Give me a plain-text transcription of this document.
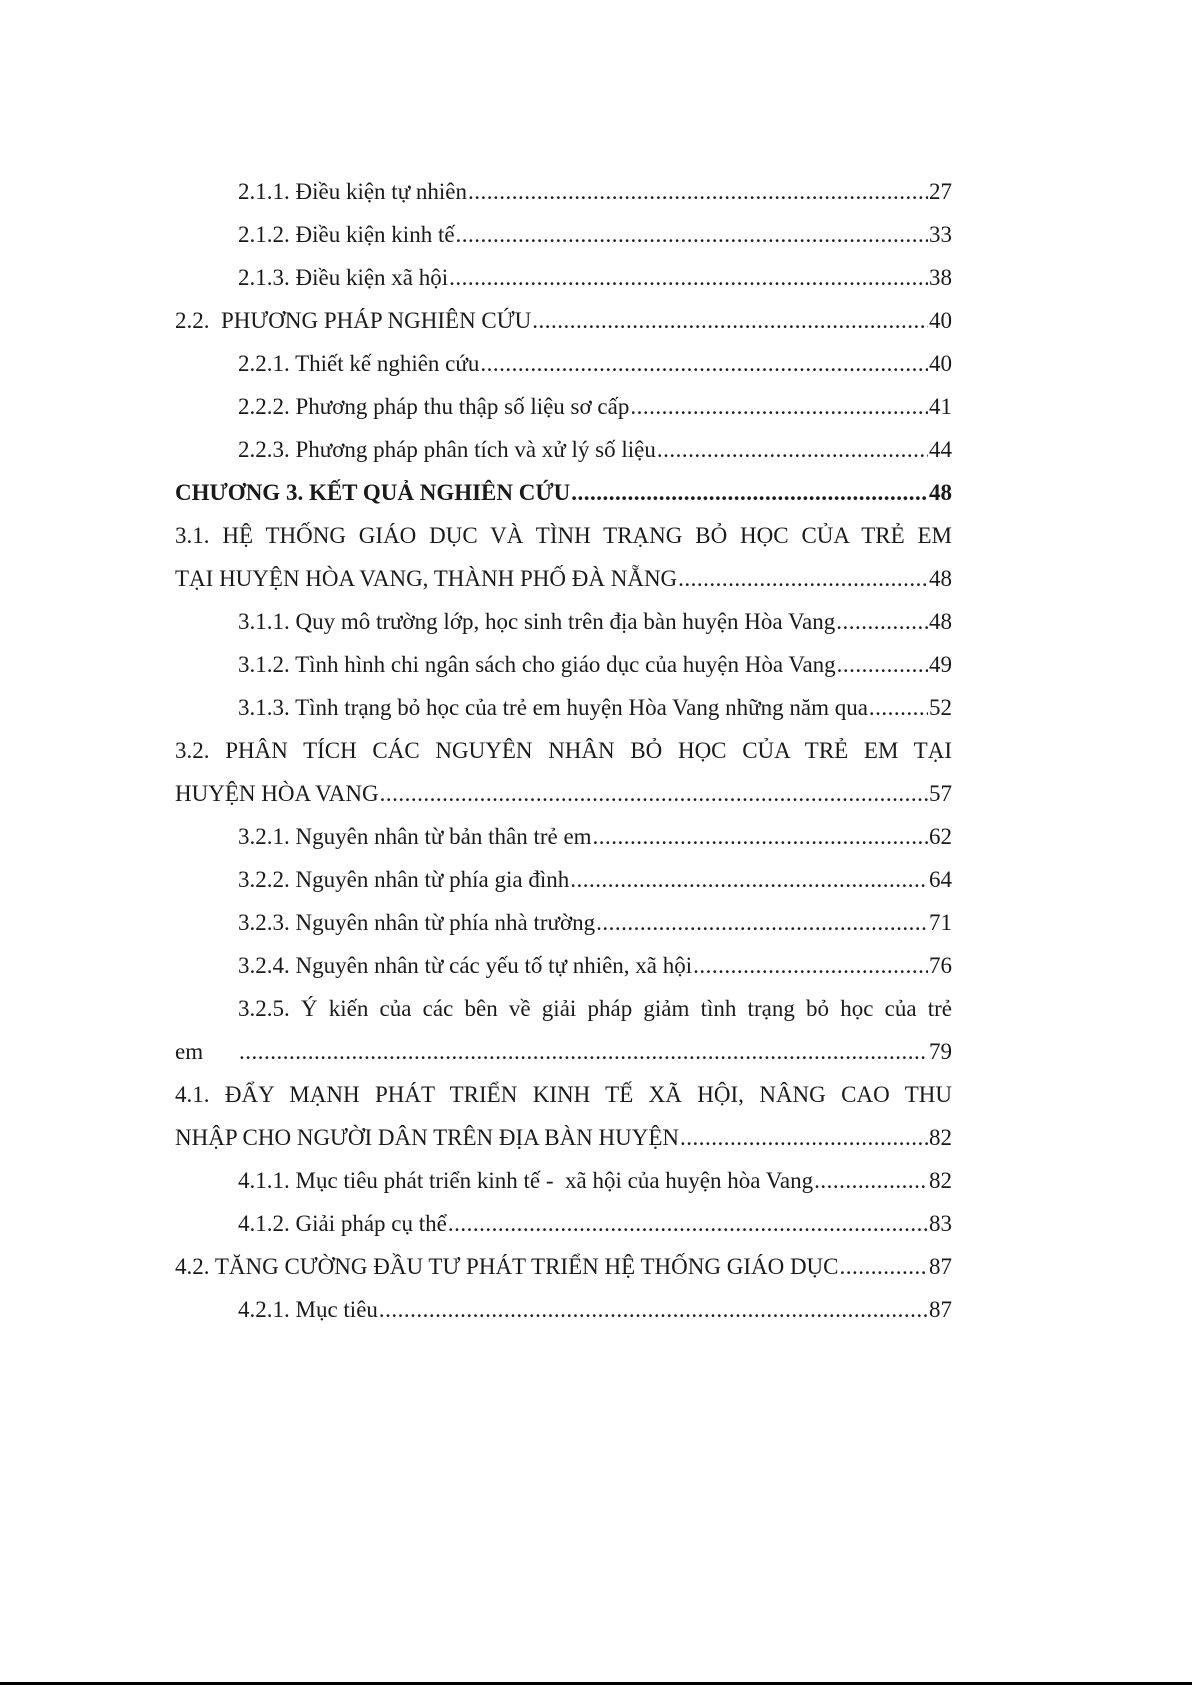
2.1.1. Điều kiện tự nhiên .....	27
2.1.2. Điều kiện kinh tế .....	33
2.1.3. Điều kiện xã hội .....	38
2.2.  PHƯƠNG PHÁP NGHIÊN CỨU .....	40
2.2.1. Thiết kế nghiên cứu .....	40
2.2.2. Phương pháp thu thập số liệu sơ cấp .....	41
2.2.3. Phương pháp phân tích và xử lý số liệu .....	44
CHƯƠNG 3. KẾT QUẢ NGHIÊN CỨU .....	48
3.1. HỆ THỐNG GIÁO DỤC VÀ TÌNH TRẠNG BỎ HỌC CỦA TRẺ EM
TẠI HUYỆN HÒA VANG, THÀNH PHỐ ĐÀ NẴNG .....	48
3.1.1. Quy mô trường lớp, học sinh trên địa bàn huyện Hòa Vang .....	48
3.1.2. Tình hình chi ngân sách cho giáo dục của huyện Hòa Vang .....	49
3.1.3. Tình trạng bỏ học của trẻ em huyện Hòa Vang những năm qua .....	52
3.2. PHÂN TÍCH CÁC NGUYÊN NHÂN BỎ HỌC CỦA TRẺ EM TẠI
HUYỆN HÒA VANG .....	57
3.2.1. Nguyên nhân từ bản thân trẻ em .....	62
3.2.2. Nguyên nhân từ phía gia đình .....	64
3.2.3. Nguyên nhân từ phía nhà trường .....	71
3.2.4. Nguyên nhân từ các yếu tố tự nhiên, xã hội .....	76
3.2.5. Ý kiến của các bên về giải pháp giảm tình trạng bỏ học của trẻ
em .....	79
4.1. ĐẨY MẠNH PHÁT TRIỂN KINH TẾ XÃ HỘI, NÂNG CAO THU
NHẬP CHO NGƯỜI DÂN TRÊN ĐỊA BÀN HUYỆN .....	82
4.1.1. Mục tiêu phát triển kinh tế -  xã hội của huyện hòa Vang .....	82
4.1.2. Giải pháp cụ thể .....	83
4.2. TĂNG CƯỜNG ĐẦU TƯ PHÁT TRIỂN HỆ THỐNG GIÁO DỤC .....	87
4.2.1. Mục tiêu .....	87
